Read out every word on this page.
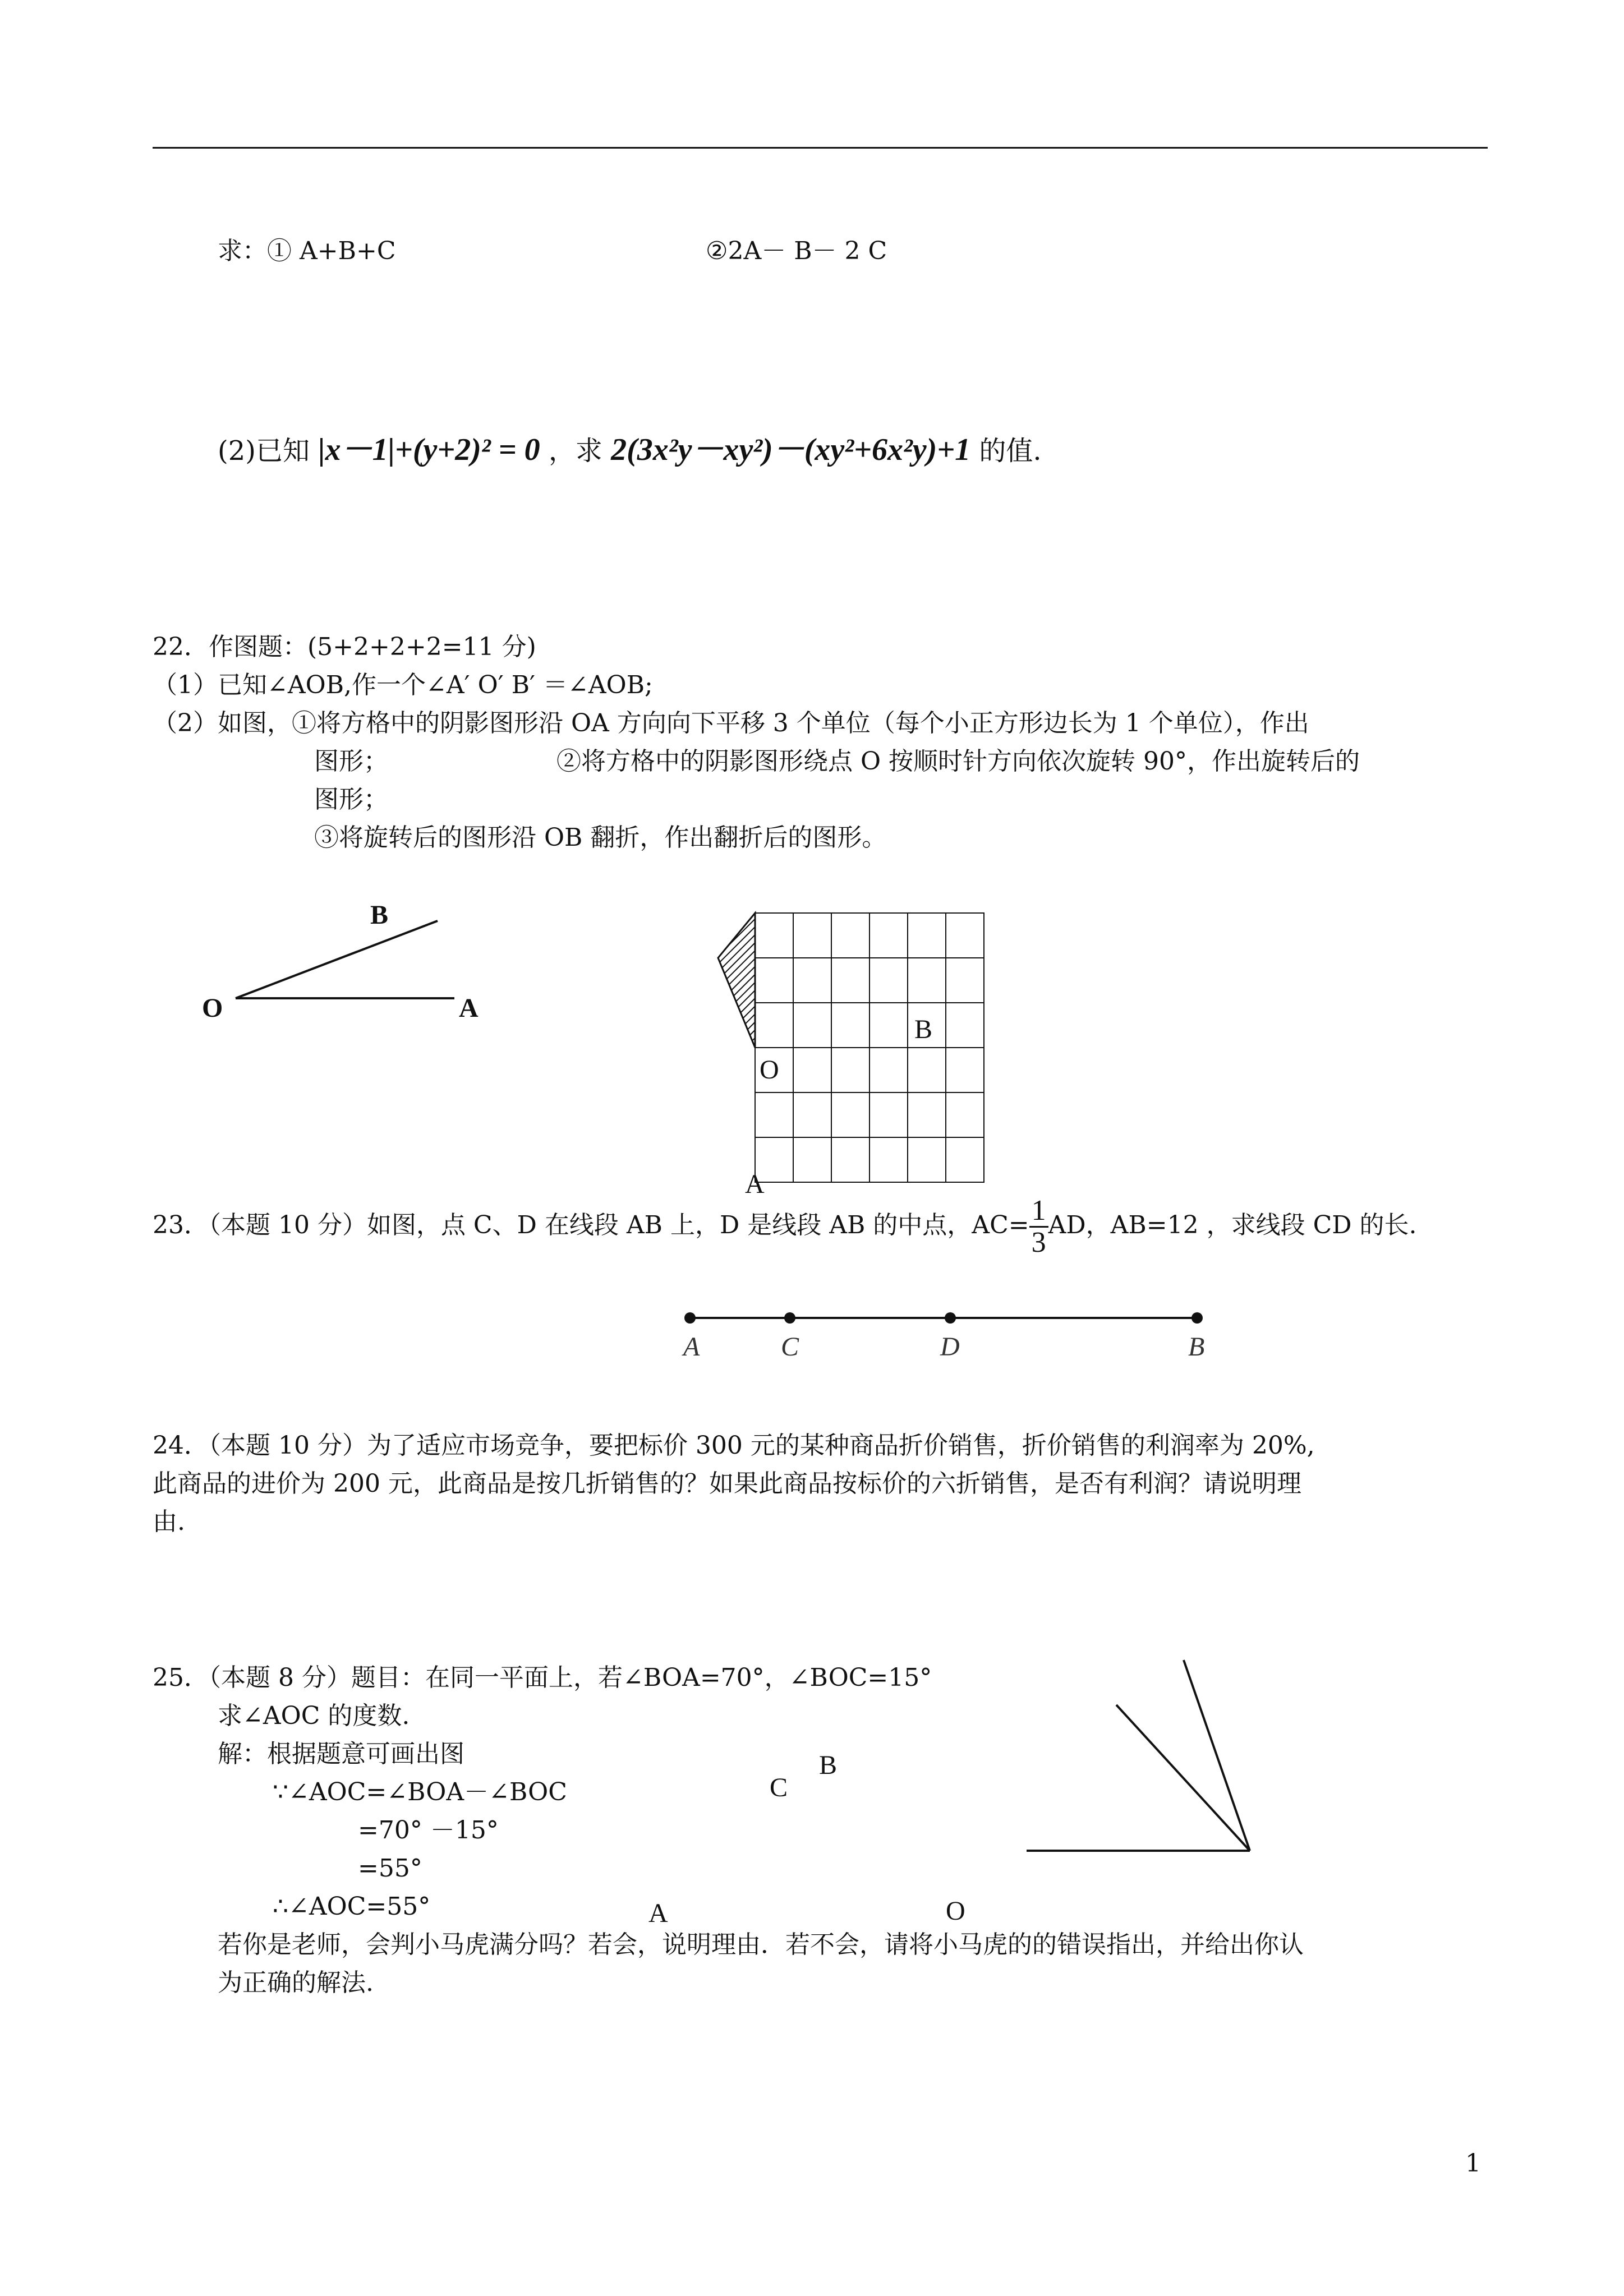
求：① A+B+C	②2A－ B－ 2 C
(2)已知 |x－1|+(y+2)² = 0 ，求 2(3x²y－xy²)－(xy²+6x²y)+1 的值.
22．作图题：(5+2+2+2=11 分)
（1）已知∠AOB,作一个∠A′ O′ B′ ＝∠AOB;
（2）如图，①将方格中的阴影图形沿 OA 方向向下平移 3 个单位（每个小正方形边长为 1 个单位），作出
图形；	②将方格中的阴影图形绕点 O 按顺时针方向依次旋转 90°，作出旋转后的
图形；
③将旋转后的图形沿 OB 翻折，作出翻折后的图形。
B
O	A
B
O
A
23．（本题 10 分）如图，点 C、D 在线段 AB 上，D 是线段 AB 的中点，$AC= \frac{1}{3}$ AD，AB=12 ，求线段 CD 的长.
A	C	D	B
24．（本题 10 分）为了适应市场竞争，要把标价 300 元的某种商品折价销售，折价销售的利润率为 20%,
此商品的进价为 200 元，此商品是按几折销售的？如果此商品按标价的六折销售，是否有利润？请说明理
由.
25．（本题 8 分）题目：在同一平面上，若∠BOA=70°，∠BOC=15°
求∠AOC 的度数.
解：根据题意可画出图
∵∠AOC=∠BOA－∠BOC
=70° －15°
=55°
∴∠AOC=55°
若你是老师，会判小马虎满分吗？若会，说明理由．若不会，请将小马虎的的错误指出，并给出你认
为正确的解法.
C
B
A	O
1
